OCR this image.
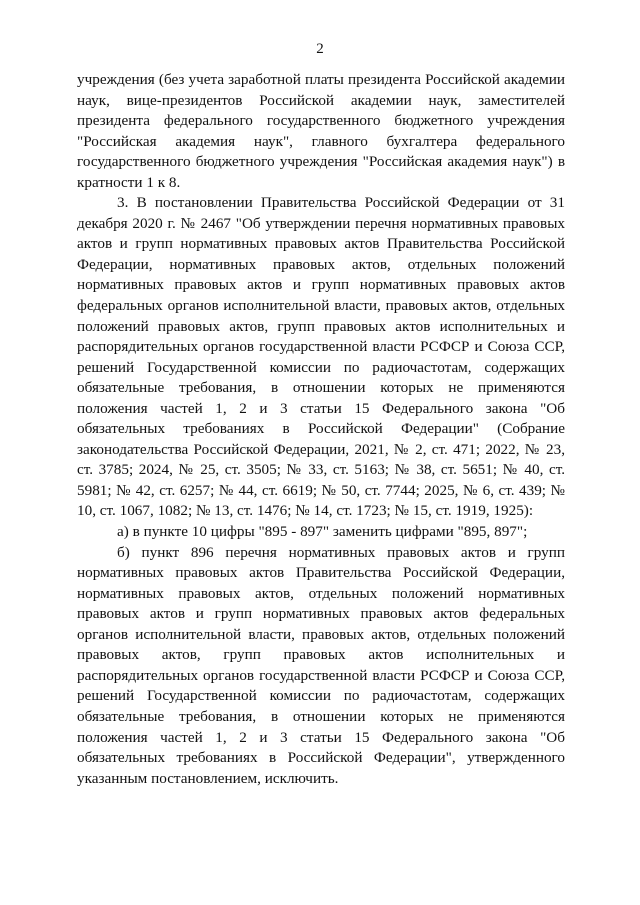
2

учреждения (без учета заработной платы президента Российской академии наук, вице-президентов Российской академии наук, заместителей президента федерального государственного бюджетного учреждения "Российская академия наук", главного бухгалтера федерального государственного бюджетного учреждения "Российская академия наук") в кратности 1 к 8.

3. В постановлении Правительства Российской Федерации от 31 декабря 2020 г. № 2467 "Об утверждении перечня нормативных правовых актов и групп нормативных правовых актов Правительства Российской Федерации, нормативных правовых актов, отдельных положений нормативных правовых актов и групп нормативных правовых актов федеральных органов исполнительной власти, правовых актов, отдельных положений правовых актов, групп правовых актов исполнительных и распорядительных органов государственной власти РСФСР и Союза ССР, решений Государственной комиссии по радиочастотам, содержащих обязательные требования, в отношении которых не применяются положения частей 1, 2 и 3 статьи 15 Федерального закона "Об обязательных требованиях в Российской Федерации" (Собрание законодательства Российской Федерации, 2021, № 2, ст. 471; 2022, № 23, ст. 3785; 2024, № 25, ст. 3505; № 33, ст. 5163; № 38, ст. 5651; № 40, ст. 5981; № 42, ст. 6257; № 44, ст. 6619; № 50, ст. 7744; 2025, № 6, ст. 439; № 10, ст. 1067, 1082; № 13, ст. 1476; № 14, ст. 1723; № 15, ст. 1919, 1925):

а) в пункте 10 цифры "895 - 897" заменить цифрами "895, 897";

б) пункт 896 перечня нормативных правовых актов и групп нормативных правовых актов Правительства Российской Федерации, нормативных правовых актов, отдельных положений нормативных правовых актов и групп нормативных правовых актов федеральных органов исполнительной власти, правовых актов, отдельных положений правовых актов, групп правовых актов исполнительных и распорядительных органов государственной власти РСФСР и Союза ССР, решений Государственной комиссии по радиочастотам, содержащих обязательные требования, в отношении которых не применяются положения частей 1, 2 и 3 статьи 15 Федерального закона "Об обязательных требованиях в Российской Федерации", утвержденного указанным постановлением, исключить.
